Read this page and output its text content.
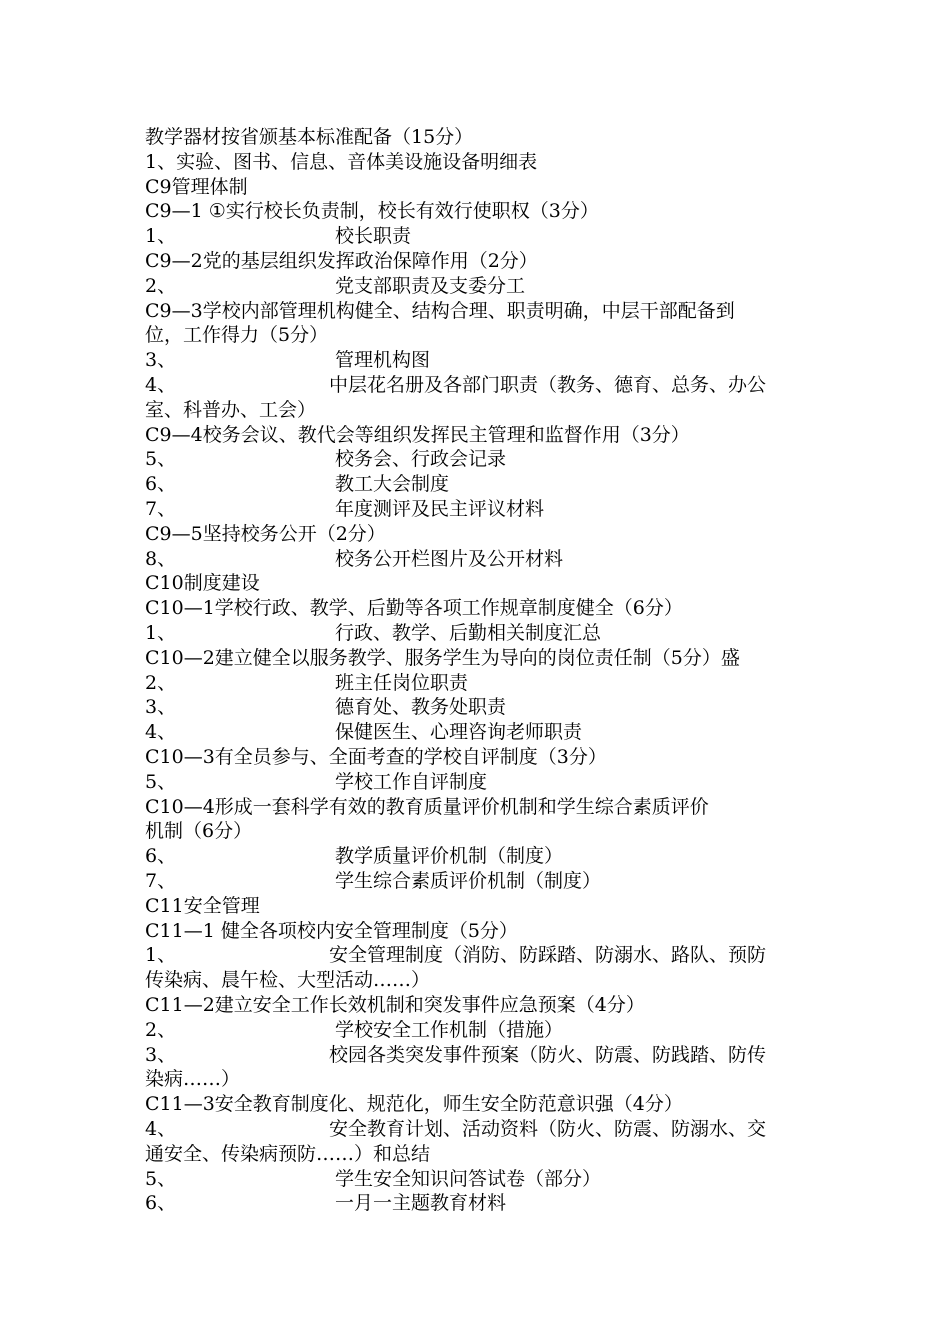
教学器材按省颁基本标准配备（15分）
1、实验、图书、信息、音体美设施设备明细表
C9管理体制
C9—1 ①实行校长负责制，校长有效行使职权（3分）
1、	校长职责
C9—2党的基层组织发挥政治保障作用（2分）
2、	党支部职责及支委分工
C9—3学校内部管理机构健全、结构合理、职责明确，中层干部配备到
位，工作得力（5分）
3、	管理机构图
4、	中层花名册及各部门职责（教务、德育、总务、办公
室、科普办、工会）
C9—4校务会议、教代会等组织发挥民主管理和监督作用（3分）
5、	校务会、行政会记录
6、	教工大会制度
7、	年度测评及民主评议材料
C9—5坚持校务公开（2分）
8、	校务公开栏图片及公开材料
C10制度建设
C10—1学校行政、教学、后勤等各项工作规章制度健全（6分）
1、	行政、教学、后勤相关制度汇总
C10—2建立健全以服务教学、服务学生为导向的岗位责任制（5分）盛
2、	班主任岗位职责
3、	德育处、教务处职责
4、	保健医生、心理咨询老师职责
C10—3有全员参与、全面考查的学校自评制度（3分）
5、	学校工作自评制度
C10—4形成一套科学有效的教育质量评价机制和学生综合素质评价
机制（6分）
6、	教学质量评价机制（制度）
7、	学生综合素质评价机制（制度）
C11安全管理
C11—1 健全各项校内安全管理制度（5分）
1、	安全管理制度（消防、防踩踏、防溺水、路队、预防
传染病、晨午检、大型活动……）
C11—2建立安全工作长效机制和突发事件应急预案（4分）
2、	学校安全工作机制（措施）
3、	校园各类突发事件预案（防火、防震、防践踏、防传
染病……）
C11—3安全教育制度化、规范化，师生安全防范意识强（4分）
4、	安全教育计划、活动资料（防火、防震、防溺水、交
通安全、传染病预防……）和总结
5、	学生安全知识问答试卷（部分）
6、	一月一主题教育材料
